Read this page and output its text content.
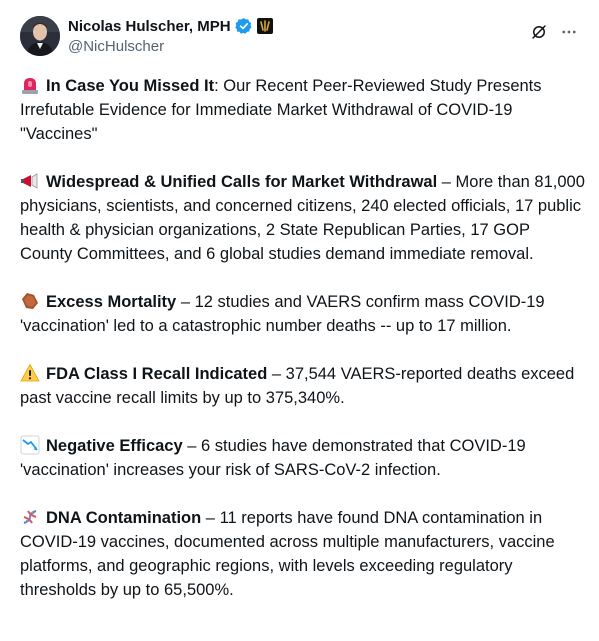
Nicolas Hulscher, MPH
@NicHulscher

In Case You Missed It: Our Recent Peer-Reviewed Study Presents Irrefutable Evidence for Immediate Market Withdrawal of COVID-19 "Vaccines"

Widespread & Unified Calls for Market Withdrawal – More than 81,000 physicians, scientists, and concerned citizens, 240 elected officials, 17 public health & physician organizations, 2 State Republican Parties, 17 GOP County Committees, and 6 global studies demand immediate removal.

Excess Mortality – 12 studies and VAERS confirm mass COVID-19 'vaccination' led to a catastrophic number deaths -- up to 17 million.

FDA Class I Recall Indicated – 37,544 VAERS-reported deaths exceed past vaccine recall limits by up to 375,340%.

Negative Efficacy – 6 studies have demonstrated that COVID-19 'vaccination' increases your risk of SARS-CoV-2 infection.

DNA Contamination – 11 reports have found DNA contamination in COVID-19 vaccines, documented across multiple manufacturers, vaccine platforms, and geographic regions, with levels exceeding regulatory thresholds by up to 65,500%.
